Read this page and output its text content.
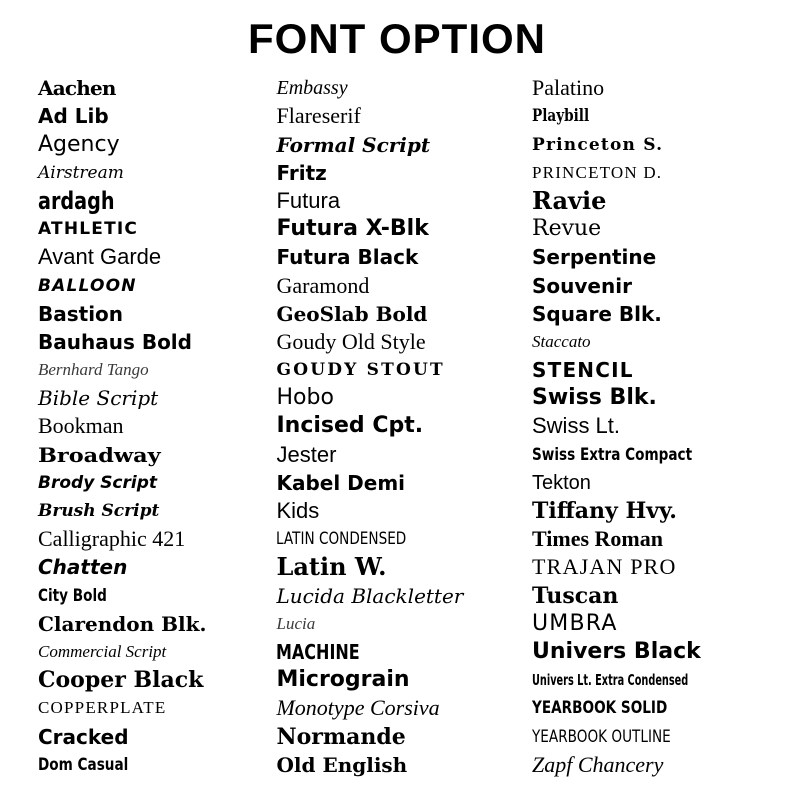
FONT OPTION
Aachen
Ad Lib
Agency
Airstream
ardagh
ATHLETIC
Avant Garde
BALLOON
Bastion
Bauhaus Bold
Bernhard Tango
Bible Script
Bookman
Broadway
Brody Script
Brush Script
Calligraphic 421
Chatten
City Bold
Clarendon Blk.
Commercial Script
Cooper Black
COPPERPLATE
Cracked
Dom Casual
Embassy
Flareserif
Formal Script
Fritz
Futura
Futura X-Blk
Futura Black
Garamond
GeoSlab Bold
Goudy Old Style
GOUDY STOUT
Hobo
Incised Cpt.
Jester
Kabel Demi
Kids
LATIN CONDENSED
Latin W.
Lucida Blackletter
Lucia
MACHINE
Micrograin
Monotype Corsiva
Normande
Old English
Palatino
Playbill
Princeton S.
PRINCETON D.
Ravie
Revue
Serpentine
Souvenir
Square Blk.
Staccato
STENCIL
Swiss Blk.
Swiss Lt.
Swiss Extra Compact
Tekton
Tiffany Hvy.
Times Roman
TRAJAN PRO
Tuscan
UMBRA
Univers Black
Univers Lt. Extra Condensed
YEARBOOK SOLID
YEARBOOK OUTLINE
Zapf Chancery
